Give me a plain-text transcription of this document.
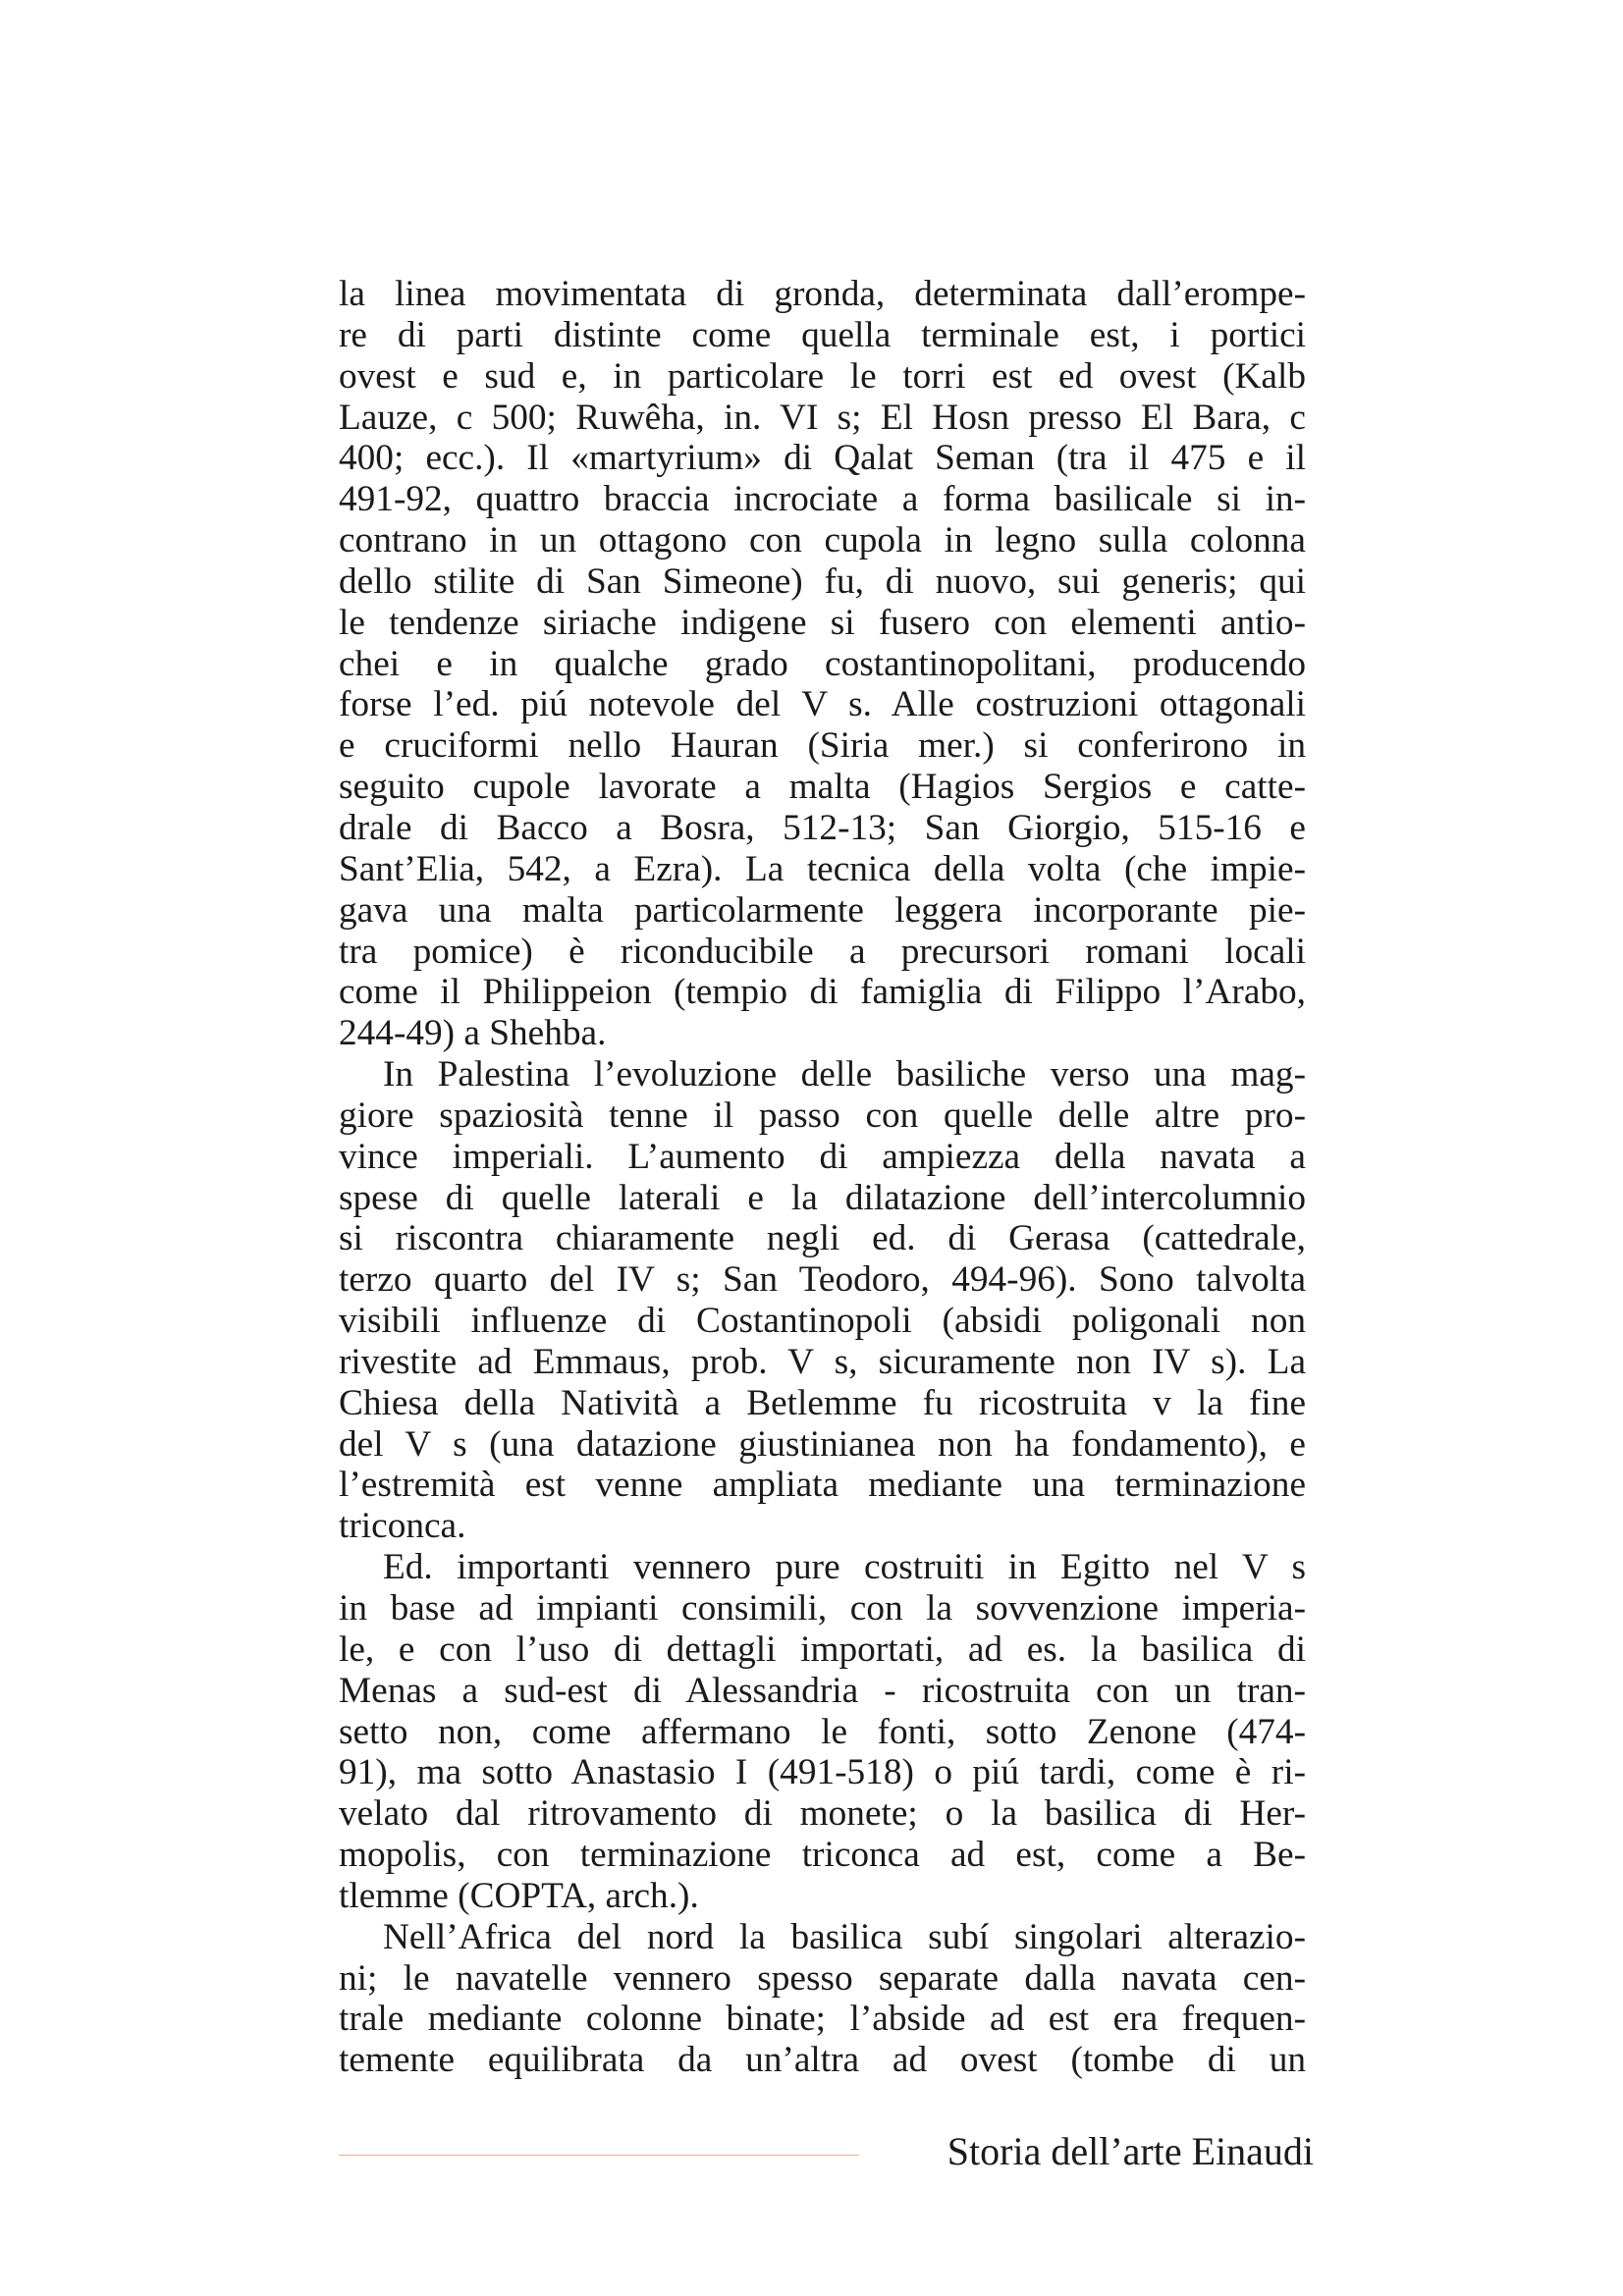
la linea movimentata di gronda, determinata dall’erompe-
re di parti distinte come quella terminale est, i portici
ovest e sud e, in particolare le torri est ed ovest (Kalb
Lauze, c 500; Ruwêha, in. VI s; El Hosn presso El Bara, c
400; ecc.). Il «martyrium» di Qalat Seman (tra il 475 e il
491-92, quattro braccia incrociate a forma basilicale si in-
contrano in un ottagono con cupola in legno sulla colonna
dello stilite di San Simeone) fu, di nuovo, sui generis; qui
le tendenze siriache indigene si fusero con elementi antio-
chei e in qualche grado costantinopolitani, producendo
forse l’ed. piú notevole del V s. Alle costruzioni ottagonali
e cruciformi nello Hauran (Siria mer.) si conferirono in
seguito cupole lavorate a malta (Hagios Sergios e catte-
drale di Bacco a Bosra, 512-13; San Giorgio, 515-16 e
Sant’Elia, 542, a Ezra). La tecnica della volta (che impie-
gava una malta particolarmente leggera incorporante pie-
tra pomice) è riconducibile a precursori romani locali
come il Philippeion (tempio di famiglia di Filippo l’Arabo,
244-49) a Shehba.
In Palestina l’evoluzione delle basiliche verso una mag-
giore spaziosità tenne il passo con quelle delle altre pro-
vince imperiali. L’aumento di ampiezza della navata a
spese di quelle laterali e la dilatazione dell’intercolumnio
si riscontra chiaramente negli ed. di Gerasa (cattedrale,
terzo quarto del IV s; San Teodoro, 494-96). Sono talvolta
visibili influenze di Costantinopoli (absidi poligonali non
rivestite ad Emmaus, prob. V s, sicuramente non IV s). La
Chiesa della Natività a Betlemme fu ricostruita v la fine
del V s (una datazione giustinianea non ha fondamento), e
l’estremità est venne ampliata mediante una terminazione
triconca.
Ed. importanti vennero pure costruiti in Egitto nel V s
in base ad impianti consimili, con la sovvenzione imperia-
le, e con l’uso di dettagli importati, ad es. la basilica di
Menas a sud-est di Alessandria - ricostruita con un tran-
setto non, come affermano le fonti, sotto Zenone (474-
91), ma sotto Anastasio I (491-518) o piú tardi, come è ri-
velato dal ritrovamento di monete; o la basilica di Her-
mopolis, con terminazione triconca ad est, come a Be-
tlemme (COPTA, arch.).
Nell’Africa del nord la basilica subí singolari alterazio-
ni; le navatelle vennero spesso separate dalla navata cen-
trale mediante colonne binate; l’abside ad est era frequen-
temente equilibrata da un’altra ad ovest (tombe di un
Storia dell’arte Einaudi
